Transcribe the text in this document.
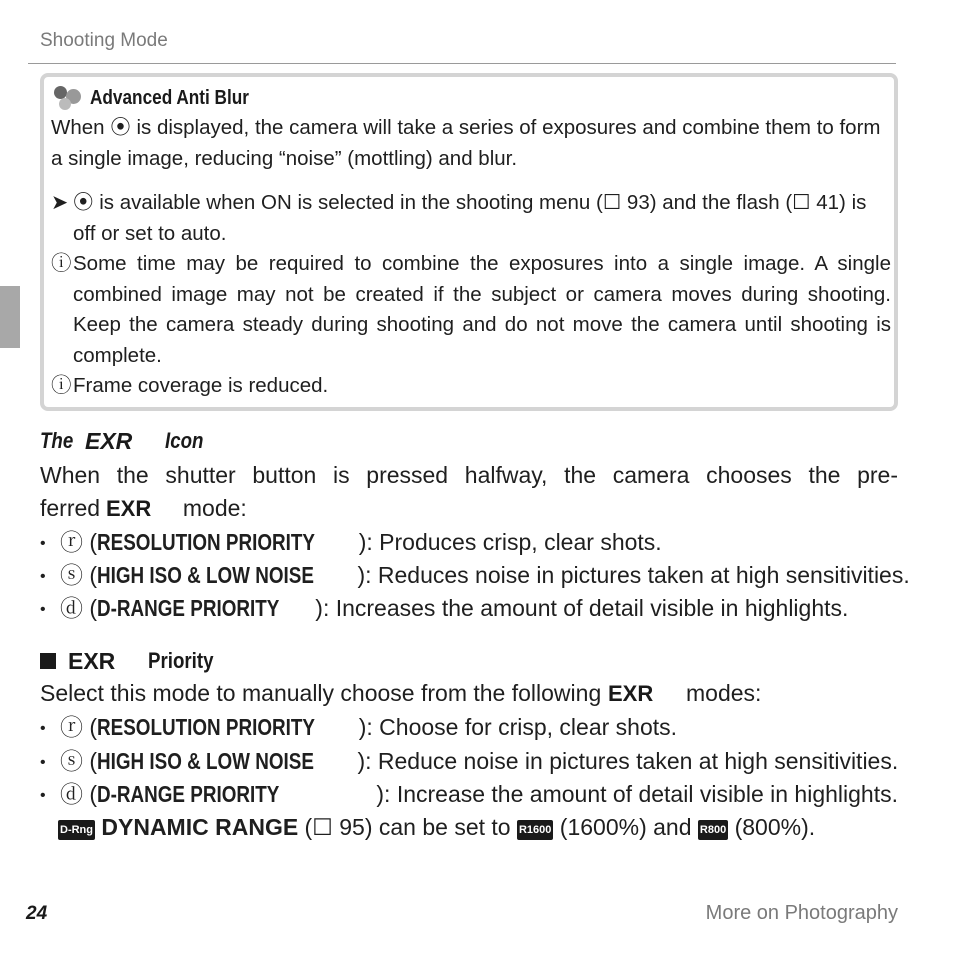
Shooting Mode
Advanced Anti Blur
When ⦿ is displayed, the camera will take a series of exposures and combine them to form a single image, reducing “noise” (mottling) and blur.
➤ ⦿ is available when ON is selected in the shooting menu (☐ 93) and the flash (☐ 41) is off or set to auto.
ⓘ Some time may be required to combine the exposures into a single image. A single combined image may not be created if the subject or camera moves during shooting. Keep the camera steady during shooting and do not move the camera until shooting is complete.
ⓘ Frame coverage is reduced.
The EXR Icon
When the shutter button is pressed halfway, the camera chooses the pre-
ferred EXR mode:
• ⓡ (RESOLUTION PRIORITY ): Produces crisp, clear shots.
• ⓢ (HIGH ISO & LOW NOISE ): Reduces noise in pictures taken at high sensitivities.
• ⓓ (D-RANGE PRIORITY ): Increases the amount of detail visible in highlights.
EXR Priority
Select this mode to manually choose from the following EXR modes:
• ⓡ (RESOLUTION PRIORITY ): Choose for crisp, clear shots.
• ⓢ (HIGH ISO & LOW NOISE ): Reduce noise in pictures taken at high sensitivities.
• ⓓ (D-RANGE PRIORITY	): Increase the amount of detail visible in highlights.
D-Rng DYNAMIC RANGE (☐ 95) can be set to R1600 (1600%) and R800 (800%).
24	More on Photography
